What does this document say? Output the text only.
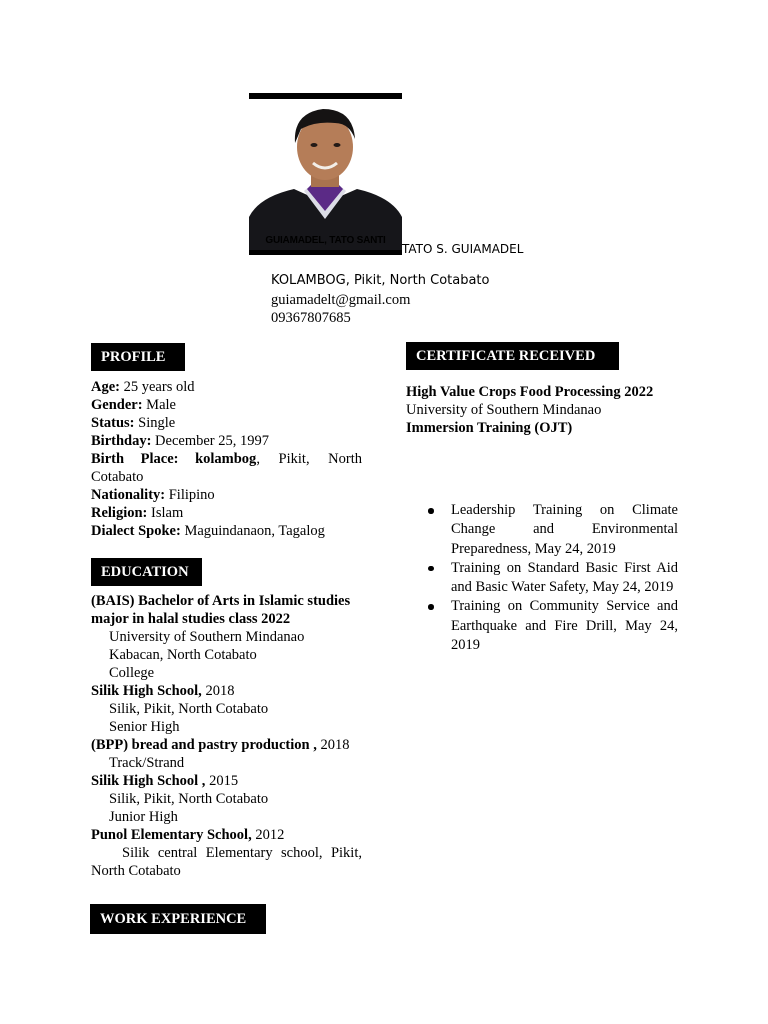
GUIAMADEL, TATO SANTI
TATO S. GUIAMADEL
KOLAMBOG, Pikit, North Cotabato
guiamadelt@gmail.com
09367807685
PROFILE
Age: 25 years old
Gender: Male
Status: Single
Birthday: December 25, 1997
Birth Place: kolambog, Pikit, North Cotabato
Nationality: Filipino
Religion: Islam
Dialect Spoke: Maguindanaon, Tagalog
EDUCATION
(BAIS) Bachelor of Arts in Islamic studies major in halal studies class 2022
University of Southern Mindanao
Kabacan, North Cotabato
College
Silik High School, 2018
Silik, Pikit, North Cotabato
Senior High
(BPP) bread and pastry production , 2018
Track/Strand
Silik High School , 2015
Silik, Pikit, North Cotabato
Junior High
Punol Elementary School, 2012
Silik central Elementary school, Pikit, North Cotabato
WORK EXPERIENCE
CERTIFICATE RECEIVED
High Value Crops Food Processing 2022
University of Southern Mindanao
Immersion Training (OJT)
Leadership Training on Climate Change and Environmental Preparedness, May 24, 2019
Training on Standard Basic First Aid and Basic Water Safety, May 24, 2019
Training on Community Service and Earthquake and Fire Drill, May 24, 2019
